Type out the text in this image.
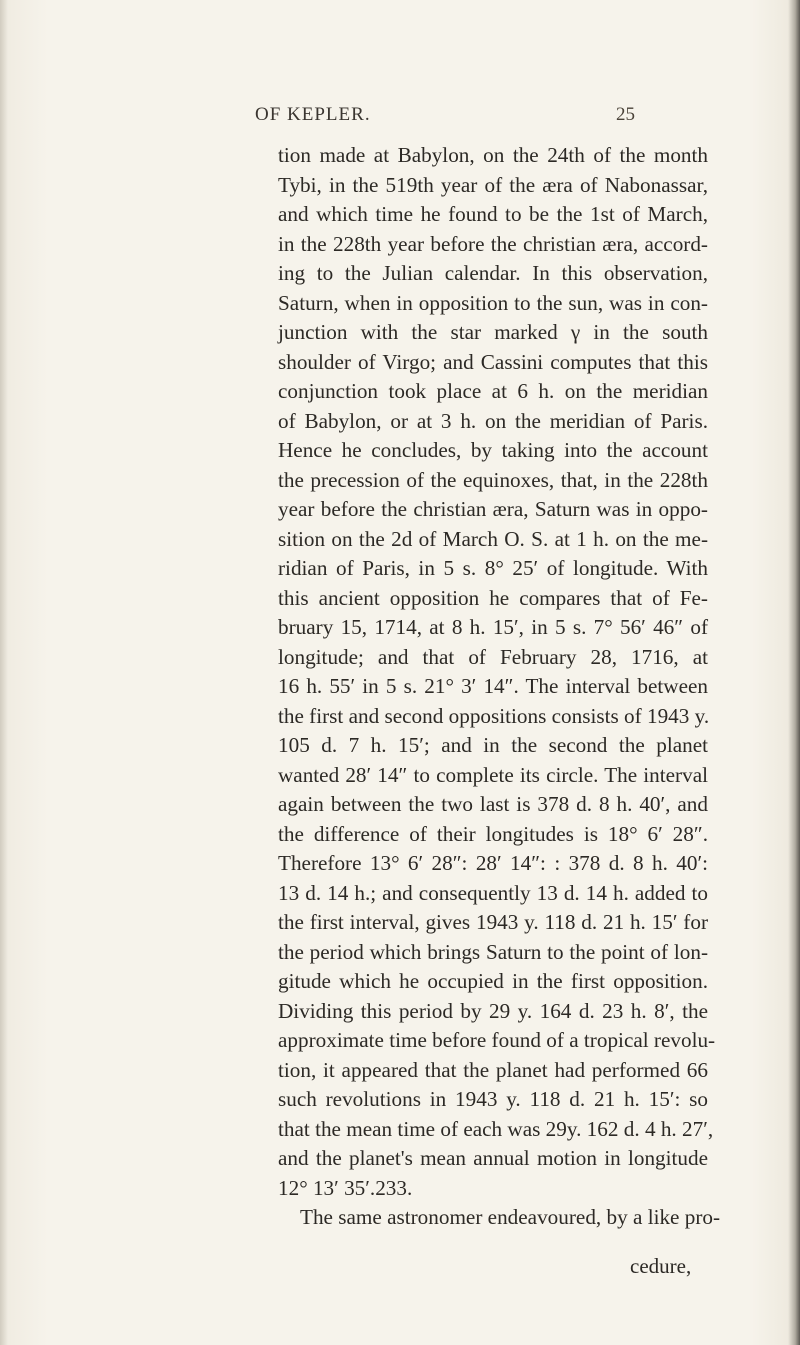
OF KEPLER.	25
tion made at Babylon, on the 24th of the month
Tybi, in the 519th year of the æra of Nabonassar,
and which time he found to be the 1st of March,
in the 228th year before the christian æra, accord-
ing to the Julian calendar. In this observation,
Saturn, when in opposition to the sun, was in con-
junction with the star marked γ in the south
shoulder of Virgo; and Cassini computes that this
conjunction took place at 6 h. on the meridian
of Babylon, or at 3 h. on the meridian of Paris.
Hence he concludes, by taking into the account
the precession of the equinoxes, that, in the 228th
year before the christian æra, Saturn was in oppo-
sition on the 2d of March O. S. at 1 h. on the me-
ridian of Paris, in 5 s. 8° 25′ of longitude. With
this ancient opposition he compares that of Fe-
bruary 15, 1714, at 8 h. 15′, in 5 s. 7° 56′ 46″ of
longitude; and that of February 28, 1716, at
16 h. 55′ in 5 s. 21° 3′ 14″. The interval between
the first and second oppositions consists of 1943 y.
105 d. 7 h. 15′; and in the second the planet
wanted 28′ 14″ to complete its circle. The interval
again between the two last is 378 d. 8 h. 40′, and
the difference of their longitudes is 18° 6′ 28″.
Therefore 13° 6′ 28″: 28′ 14″: : 378 d. 8 h. 40′:
13 d. 14 h.; and consequently 13 d. 14 h. added to
the first interval, gives 1943 y. 118 d. 21 h. 15′ for
the period which brings Saturn to the point of lon-
gitude which he occupied in the first opposition.
Dividing this period by 29 y. 164 d. 23 h. 8′, the
approximate time before found of a tropical revolu-
tion, it appeared that the planet had performed 66
such revolutions in 1943 y. 118 d. 21 h. 15′: so
that the mean time of each was 29y. 162 d. 4 h. 27′,
and the planet's mean annual motion in longitude
12° 13′ 35′.233.
The same astronomer endeavoured, by a like pro-
cedure,
